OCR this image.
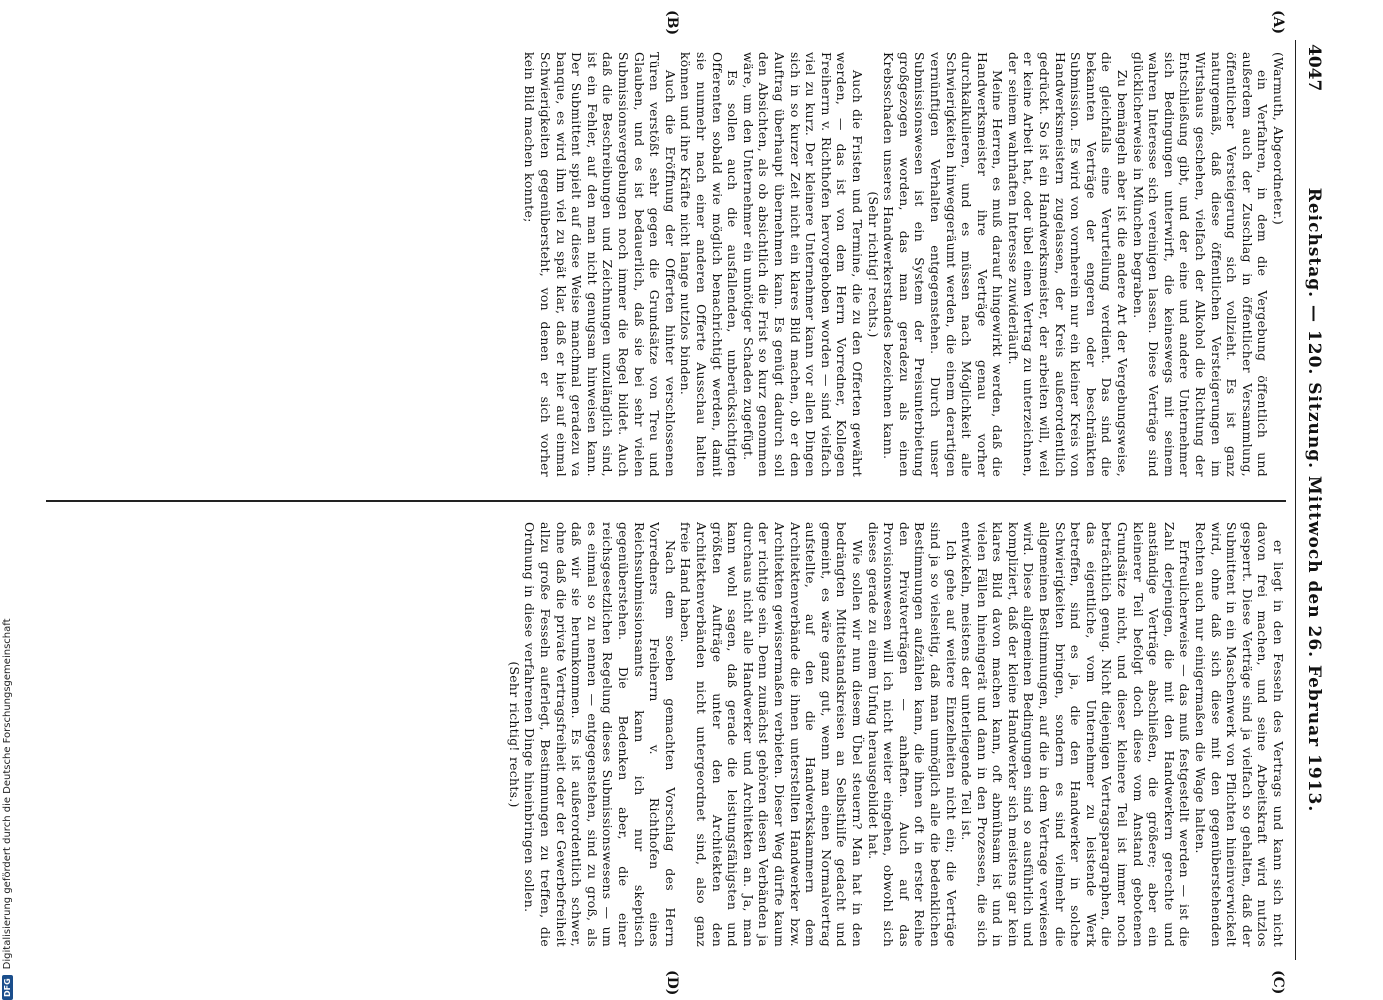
4047
Reichstag. — 120. Sitzung. Mittwoch den 26. Februar 1913.
(A)
(B)
(C)
(D)

(Warmuth, Abgeordneter.)

ein Verfahren, in dem die Vergebung öffentlich und außerdem auch der Zuschlag in öffentlicher Versammlung, öffentlicher Versteigerung sich vollzieht. Es ist ganz naturgemäß, daß diese öffentlichen Versteigerungen im Wirtshaus geschehen, vielfach der Alkohol die Richtung der Entschließung gibt, und der eine und andere Unternehmer sich Bedingungen unterwirft, die keineswegs mit seinem wahren Interesse sich vereinigen lassen. Diese Verträge sind glücklicherweise in München begraben.

Zu bemängeln aber ist die andere Art der Vergebungsweise, die gleichfalls eine Verurteilung verdient. Das sind die bekannten Verträge der engeren oder beschränkten Submission. Es wird von vornherein nur ein kleiner Kreis von Handwerksmeistern zugelassen, der Kreis außerordentlich gedrückt. So ist ein Handwerksmeister, der arbeiten will, weil er keine Arbeit hat, oder übel einen Vertrag zu unterzeichnen, der seinem wahrhaften Interesse zuwiderläuft.

Meine Herren, es muß darauf hingewirkt werden, daß die Handwerksmeister ihre Verträge genau vorher durchkalkulieren, und es müssen nach Möglichkeit alle Schwierigkeiten hinweggeräumt werden, die einem derartigen vernünftigen Verhalten entgegenstehen. Durch unser Submissionswesen ist ein System der Preisunterbietung großgezogen worden, das man geradezu als einen Krebsschaden unseres Handwerkerstandes bezeichnen kann.

(Sehr richtig! rechts.)

Auch die Fristen und Termine, die zu den Offerten gewährt werden, — das ist von dem Herrn Vorredner, Kollegen Freiherrn v. Richthofen hervorgehoben worden — sind vielfach viel zu kurz. Der kleinere Unternehmer kann vor allen Dingen sich in so kurzer Zeit nicht ein klares Bild machen, ob er den Auftrag überhaupt übernehmen kann. Es genügt dadurch soll den Absichten, als ob absichtlich die Frist so kurz genommen wäre, um den Unternehmer ein unnötiger Schaden zugefügt.

Es sollen auch die ausfallenden, unberücksichtigten Offerenten sobald wie möglich benachrichtigt werden, damit sie nunmehr nach einer anderen Offerte Ausschau halten können und ihre Kräfte nicht lange nutzlos binden.

Auch die Eröffnung der Offerten hinter verschlossenen Türen verstößt sehr gegen die Grundsätze von Treu und Glauben, und es ist bedauerlich, daß sie bei sehr vielen Submissionsvergebungen noch immer die Regel bildet. Auch daß die Beschreibungen und Zeichnungen unzulänglich sind, ist ein Fehler, auf den man nicht genugsam hinweisen kann. Der Submittent spielt auf diese Weise manchmal geradezu va banque, es wird ihm viel zu spät klar, daß er hier auf einmal Schwierigkeiten gegenübersteht, von denen er sich vorher kein Bild machen konnte;

er liegt in den Fesseln des Vertrags und kann sich nicht davon frei machen, und seine Arbeitskraft wird nutzlos gesperrt. Diese Verträge sind ja vielfach so gehalten, daß der Submittent in ein Maschenwerk von Pflichten hineinverwickelt wird, ohne daß sich diese mit den gegenüberstehenden Rechten auch nur einigermaßen die Wage halten.

Erfreulicherweise — das muß festgestellt werden — ist die Zahl derjenigen, die mit den Handwerkern gerechte und anständige Verträge abschließen, die größere; aber ein kleinerer Teil befolgt doch diese vom Anstand gebotenen Grundsätze nicht, und dieser kleinere Teil ist immer noch beträchtlich genug. Nicht diejenigen Vertragsparagraphen, die das eigentliche, vom Unternehmer zu leistende Werk betreffen, sind es ja, die den Handwerker in solche Schwierigkeiten bringen, sondern es sind vielmehr die allgemeinen Bestimmungen, auf die in dem Vertrage verwiesen wird. Diese allgemeinen Bedingungen sind so ausführlich und kompliziert, daß der kleine Handwerker sich meistens gar kein klares Bild davon machen kann, oft abmühsam ist und in vielen Fällen hineingerät und dann in den Prozessen, die sich entwickeln, meistens der unterliegende Teil ist.

Ich gehe auf weitere Einzelheiten nicht ein; die Verträge sind ja so vielseitig, daß man unmöglich alle die bedenklichen Bestimmungen aufzählen kann, die ihnen oft in erster Reihe den Privatverträgen — anhaften. Auch auf das Provisionswesen will ich nicht weiter eingehen, obwohl sich dieses gerade zu einem Unfug herausgebildet hat.

Wie sollen wir nun diesem Übel steuern? Man hat in den bedrängten Mittelstandskreisen an Selbsthilfe gedacht und gemeint, es wäre ganz gut, wenn man einen Normalvertrag aufstellte, auf den die Handwerkskammern dem Architektenverbände die ihnen unterstellten Handwerker bzw. Architekten gewissermaßen verbieten. Dieser Weg dürfte kaum der richtige sein. Denn zunächst gehören diesen Verbänden ja durchaus nicht alle Handwerker und Architekten an. Ja, man kann wohl sagen, daß gerade die leistungsfähigsten und größten Aufträge unter den Architekten den Architektenverbänden nicht untergeordnet sind, also ganz freie Hand haben.

Nach dem soeben gemachten Vorschlag des Herrn Vorredners Freiherrn v. Richthofen eines Reichssubmissionsamts kann ich nur skeptisch gegenüberstehen. Die Bedenken aber, die einer reichsgesetzlichen Regelung dieses Submissionswesens — um es einmal so zu nennen — entgegenstehen, sind zu groß, als daß wir sie herumkommen. Es ist außerordentlich schwer, ohne daß die private Vertragsfreiheit oder der Gewerbefreiheit allzu große Fesseln auferlegt, Bestimmungen zu treffen, die Ordnung in diese verfahrenen Dinge hineinbringen sollen.

(Sehr richtig! rechts.)

DFG
Digitalisierung gefördert durch die Deutsche Forschungsgemeinschaft
